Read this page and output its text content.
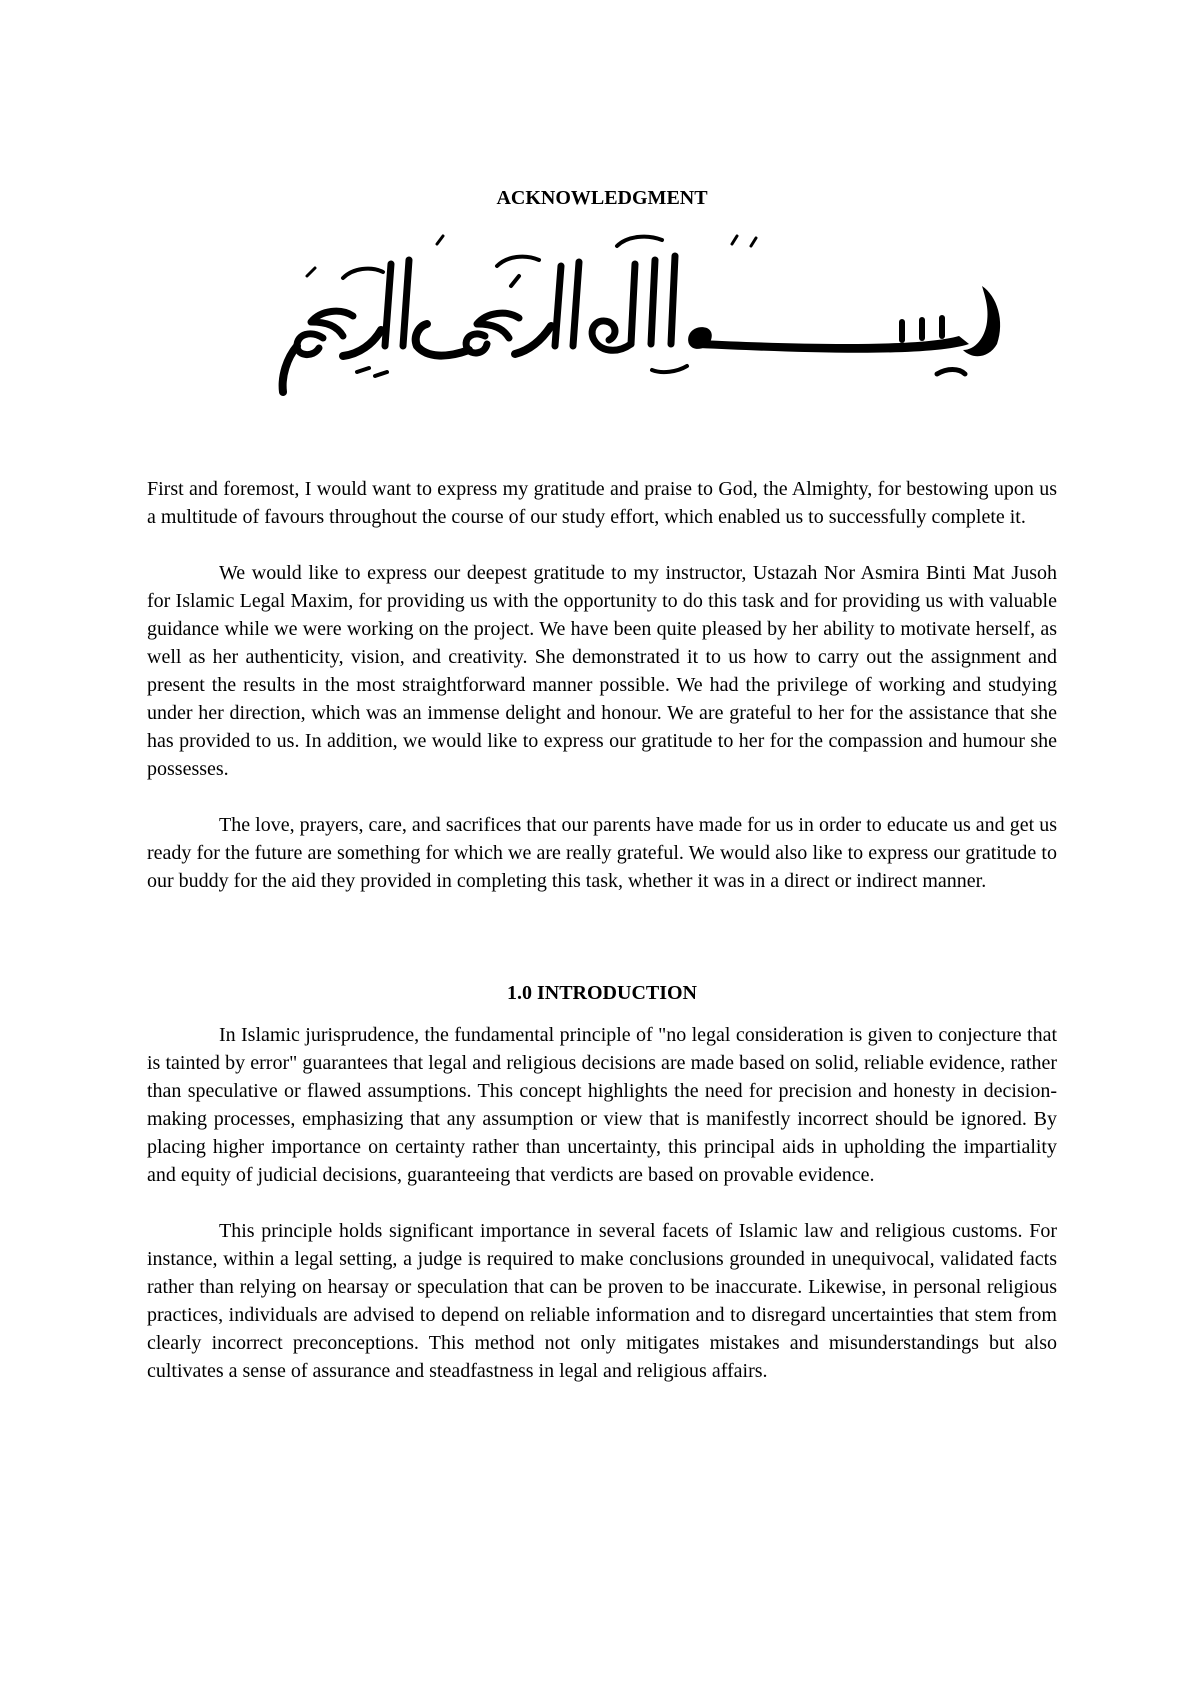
ACKNOWLEDGMENT

First and foremost, I would want to express my gratitude and praise to God, the Almighty, for bestowing upon us a multitude of favours throughout the course of our study effort, which enabled us to successfully complete it.

We would like to express our deepest gratitude to my instructor, Ustazah Nor Asmira Binti Mat Jusoh for Islamic Legal Maxim, for providing us with the opportunity to do this task and for providing us with valuable guidance while we were working on the project. We have been quite pleased by her ability to motivate herself, as well as her authenticity, vision, and creativity. She demonstrated it to us how to carry out the assignment and present the results in the most straightforward manner possible. We had the privilege of working and studying under her direction, which was an immense delight and honour. We are grateful to her for the assistance that she has provided to us. In addition, we would like to express our gratitude to her for the compassion and humour she possesses.

The love, prayers, care, and sacrifices that our parents have made for us in order to educate us and get us ready for the future are something for which we are really grateful. We would also like to express our gratitude to our buddy for the aid they provided in completing this task, whether it was in a direct or indirect manner.

1.0 INTRODUCTION

In Islamic jurisprudence, the fundamental principle of "no legal consideration is given to conjecture that is tainted by error" guarantees that legal and religious decisions are made based on solid, reliable evidence, rather than speculative or flawed assumptions. This concept highlights the need for precision and honesty in decision-making processes, emphasizing that any assumption or view that is manifestly incorrect should be ignored. By placing higher importance on certainty rather than uncertainty, this principal aids in upholding the impartiality and equity of judicial decisions, guaranteeing that verdicts are based on provable evidence.

This principle holds significant importance in several facets of Islamic law and religious customs. For instance, within a legal setting, a judge is required to make conclusions grounded in unequivocal, validated facts rather than relying on hearsay or speculation that can be proven to be inaccurate. Likewise, in personal religious practices, individuals are advised to depend on reliable information and to disregard uncertainties that stem from clearly incorrect preconceptions. This method not only mitigates mistakes and misunderstandings but also cultivates a sense of assurance and steadfastness in legal and religious affairs.
